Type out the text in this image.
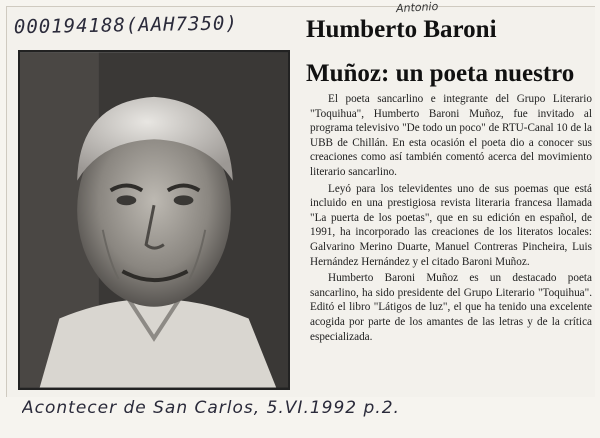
000194188(AAH7350)
Antonio
Humberto Baroni
Muñoz: un poeta nuestro

El poeta sancarlino e integrante del Grupo Literario "Toquihua", Humberto Baroni Muñoz, fue invitado al programa televisivo "De todo un poco" de RTU-Canal 10 de la UBB de Chillán. En esta ocasión el poeta dio a conocer sus creaciones como así también comentó acerca del movimiento literario sancarlino.

Leyó para los televidentes uno de sus poemas que está incluido en una prestigiosa revista literaria francesa llamada "La puerta de los poetas", que en su edición en español, de 1991, ha incorporado las creaciones de los literatos locales: Galvarino Merino Duarte, Manuel Contreras Pincheira, Luis Hernández Hernández y el citado Baroni Muñoz.

Humberto Baroni Muñoz es un destacado poeta sancarlino, ha sido presidente del Grupo Literario "Toquihua". Editó el libro "Látigos de luz", el que ha tenido una excelente acogida por parte de los amantes de las letras y de la crítica especializada.

Acontecer de San Carlos, 5.VI.1992 p.2.
